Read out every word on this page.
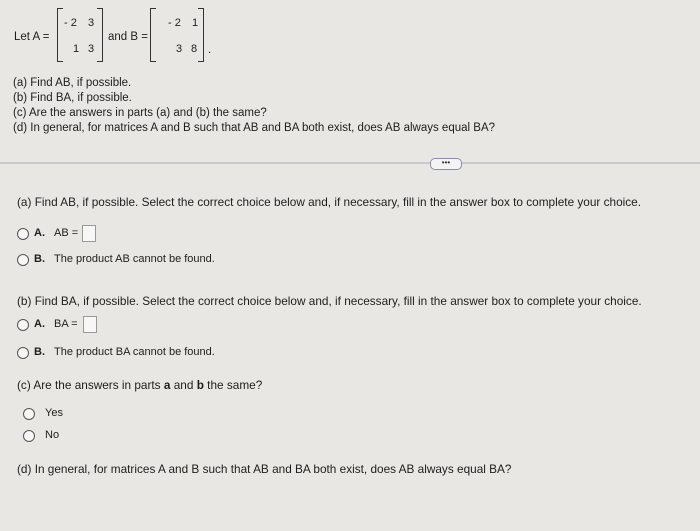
Let A =
- 2 3
1 3
and B =
- 2 1
3 8 .
(a) Find AB, if possible.
(b) Find BA, if possible.
(c) Are the answers in parts (a) and (b) the same?
(d) In general, for matrices A and B such that AB and BA both exist, does AB always equal BA?
•••
(a) Find AB, if possible. Select the correct choice below and, if necessary, fill in the answer box to complete your choice.
A. AB =
B. The product AB cannot be found.
(b) Find BA, if possible. Select the correct choice below and, if necessary, fill in the answer box to complete your choice.
A. BA =
B. The product BA cannot be found.
(c) Are the answers in parts a and b the same?
Yes
No
(d) In general, for matrices A and B such that AB and BA both exist, does AB always equal BA?
